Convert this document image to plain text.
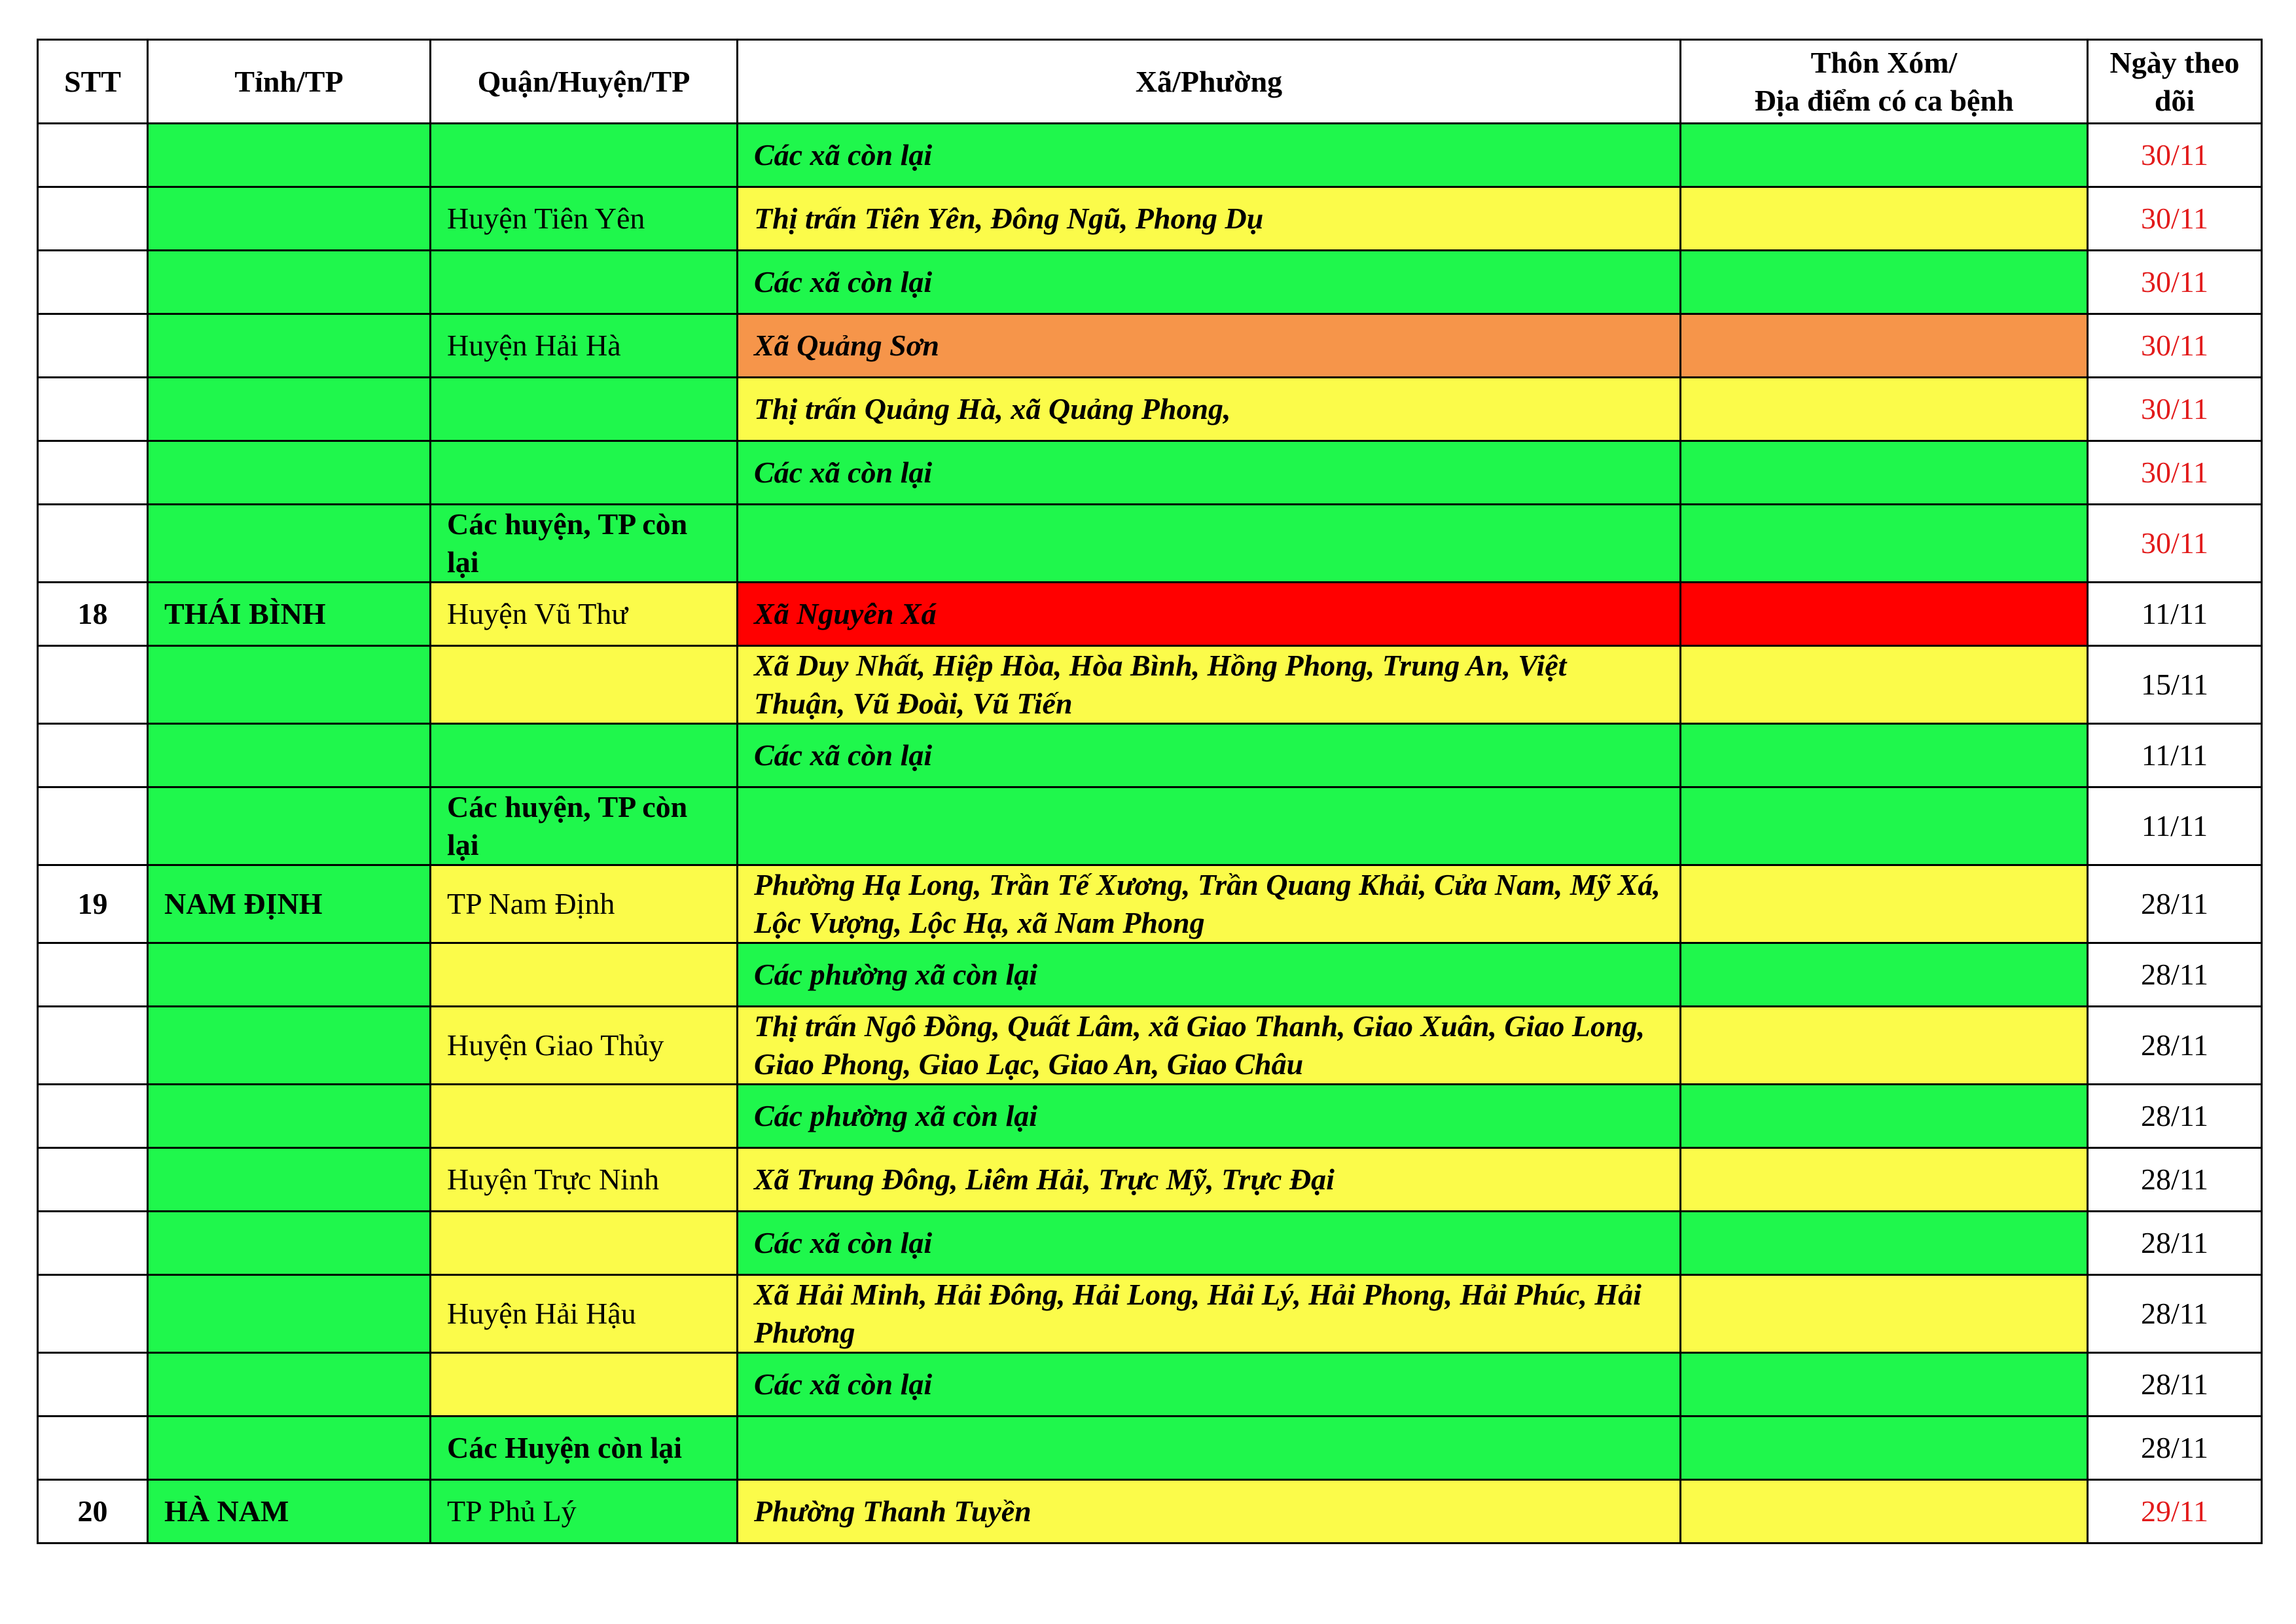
STT	Tỉnh/TP	Quận/Huyện/TP	Xã/Phường	Thôn Xóm/
Địa điểm có ca bệnh	Ngày theo dõi
			Các xã còn lại		30/11
		Huyện Tiên Yên	Thị trấn Tiên Yên, Đông Ngũ, Phong Dụ		30/11
			Các xã còn lại		30/11
		Huyện Hải Hà	Xã Quảng Sơn		30/11
			Thị trấn Quảng Hà, xã Quảng Phong,		30/11
			Các xã còn lại		30/11
		Các huyện, TP còn lại			30/11
18	THÁI BÌNH	Huyện Vũ Thư	Xã Nguyên Xá		11/11
			Xã Duy Nhất, Hiệp Hòa, Hòa Bình, Hồng Phong, Trung An, Việt Thuận, Vũ Đoài, Vũ Tiến		15/11
			Các xã còn lại		11/11
		Các huyện, TP còn lại			11/11
19	NAM ĐỊNH	TP Nam Định	Phường Hạ Long, Trần Tế Xương, Trần Quang Khải, Cửa Nam, Mỹ Xá, Lộc Vượng, Lộc Hạ, xã Nam Phong		28/11
			Các phường xã còn lại		28/11
		Huyện Giao Thủy	Thị trấn Ngô Đồng, Quất Lâm, xã Giao Thanh, Giao Xuân, Giao Long, Giao Phong, Giao Lạc, Giao An, Giao Châu		28/11
			Các phường xã còn lại		28/11
		Huyện Trực Ninh	Xã Trung Đông, Liêm Hải, Trực Mỹ, Trực Đại		28/11
			Các xã còn lại		28/11
		Huyện Hải Hậu	Xã Hải Minh, Hải Đông, Hải Long, Hải Lý, Hải Phong, Hải Phúc, Hải Phương		28/11
			Các xã còn lại		28/11
		Các Huyện còn lại			28/11
20	HÀ NAM	TP Phủ Lý	Phường Thanh Tuyền		29/11
